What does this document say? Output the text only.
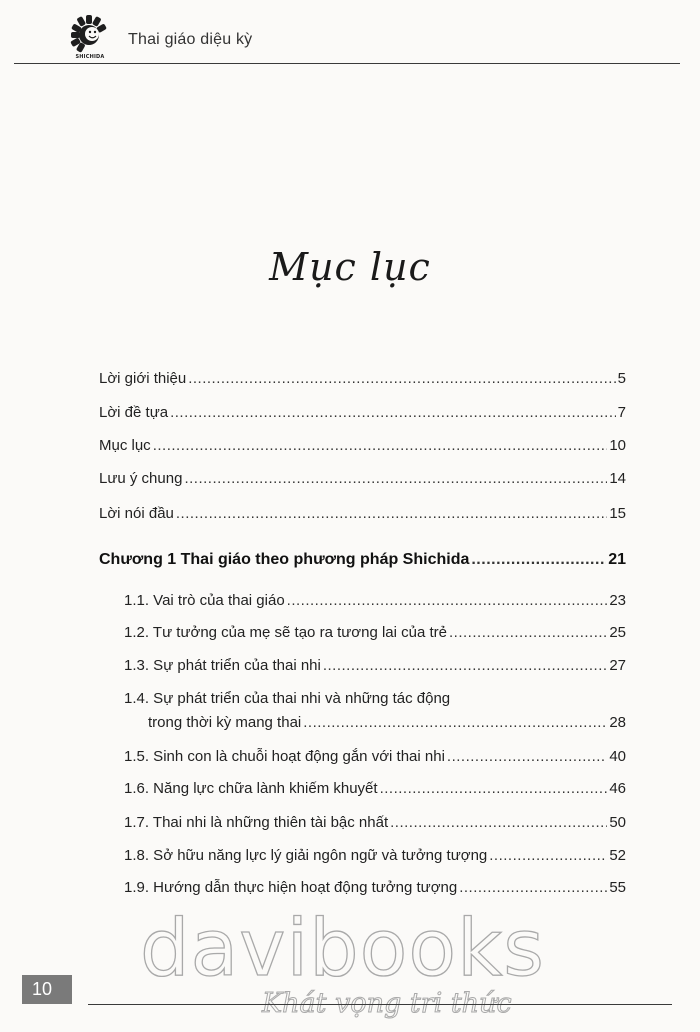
SHICHIDA
Thai giáo diệu kỳ
Mục lục
Lời giới thiệu .....	5
Lời đề tựa .....	7
Mục lục .....	10
Lưu ý chung .....	14
Lời nói đầu .....	15
Chương 1 Thai giáo theo phương pháp Shichida .....	21
1.1. Vai trò của thai giáo .....	23
1.2. Tư tưởng của mẹ sẽ tạo ra tương lai của trẻ .....	25
1.3. Sự phát triển của thai nhi .....	27
1.4. Sự phát triển của thai nhi và những tác động
trong thời kỳ mang thai .....	28
1.5. Sinh con là chuỗi hoạt động gắn với thai nhi .....	40
1.6. Năng lực chữa lành khiếm khuyết .....	46
1.7. Thai nhi là những thiên tài bậc nhất .....	50
1.8. Sở hữu năng lực lý giải ngôn ngữ và tưởng tượng .....	52
1.9. Hướng dẫn thực hiện hoạt động tưởng tượng .....	55
davibooks
Khát vọng tri thức
10
